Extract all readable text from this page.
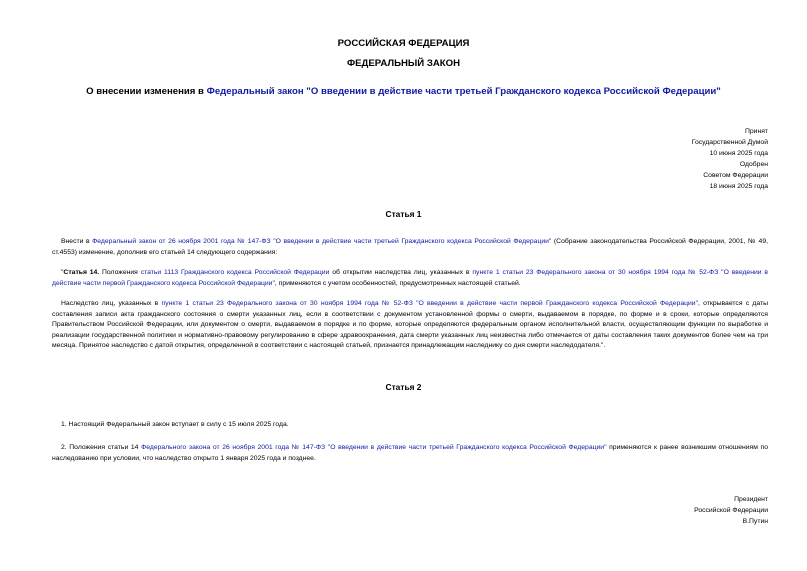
РОССИЙСКАЯ ФЕДЕРАЦИЯ
ФЕДЕРАЛЬНЫЙ ЗАКОН
О внесении изменения в Федеральный закон "О введении в действие части третьей Гражданского кодекса Российской Федерации"
Принят
Государственной Думой
10 июня 2025 года
Одобрен
Советом Федерации
18 июня 2025 года
Статья 1
Внести в Федеральный закон от 26 ноября 2001 года № 147-ФЗ "О введении в действие части третьей Гражданского кодекса Российской Федерации" (Собрание законодательства Российской Федерации, 2001, № 49, ст.4553) изменение, дополнив его статьей 14 следующего содержания:
"Статья 14. Положения статьи 1113 Гражданского кодекса Российской Федерации об открытии наследства лиц, указанных в пункте 1 статьи 23 Федерального закона от 30 ноября 1994 года № 52-ФЗ "О введении в действие части первой Гражданского кодекса Российской Федерации", применяются с учетом особенностей, предусмотренных настоящей статьей.
Наследство лиц, указанных в пункте 1 статьи 23 Федерального закона от 30 ноября 1994 года № 52-ФЗ "О введении в действие части первой Гражданского кодекса Российской Федерации", открывается с даты составления записи акта гражданского состояния о смерти указанных лиц, если в соответствии с документом установленной формы о смерти, выдаваемом в порядке, по форме и в сроки, которые определяются Правительством Российской Федерации, или документом о смерти, выдаваемом в порядке и по форме, которые определяются федеральным органом исполнительной власти, осуществляющим функции по выработке и реализации государственной политики и нормативно-правовому регулированию в сфере здравоохранения, дата смерти указанных лиц неизвестна либо отмечается от даты составления таких документов более чем на три месяца. Принятое наследство с датой открытия, определенной в соответствии с настоящей статьей, признается принадлежащим наследнику со дня смерти наследодателя.".
Статья 2
1. Настоящий Федеральный закон вступает в силу с 15 июля 2025 года.
2. Положения статьи 14 Федерального закона от 26 ноября 2001 года № 147-ФЗ "О введении в действие части третьей Гражданского кодекса Российской Федерации" применяются к ранее возникшим отношениям по наследованию при условии, что наследство открыто 1 января 2025 года и позднее.
Президент
Российской Федерации
В.Путин
